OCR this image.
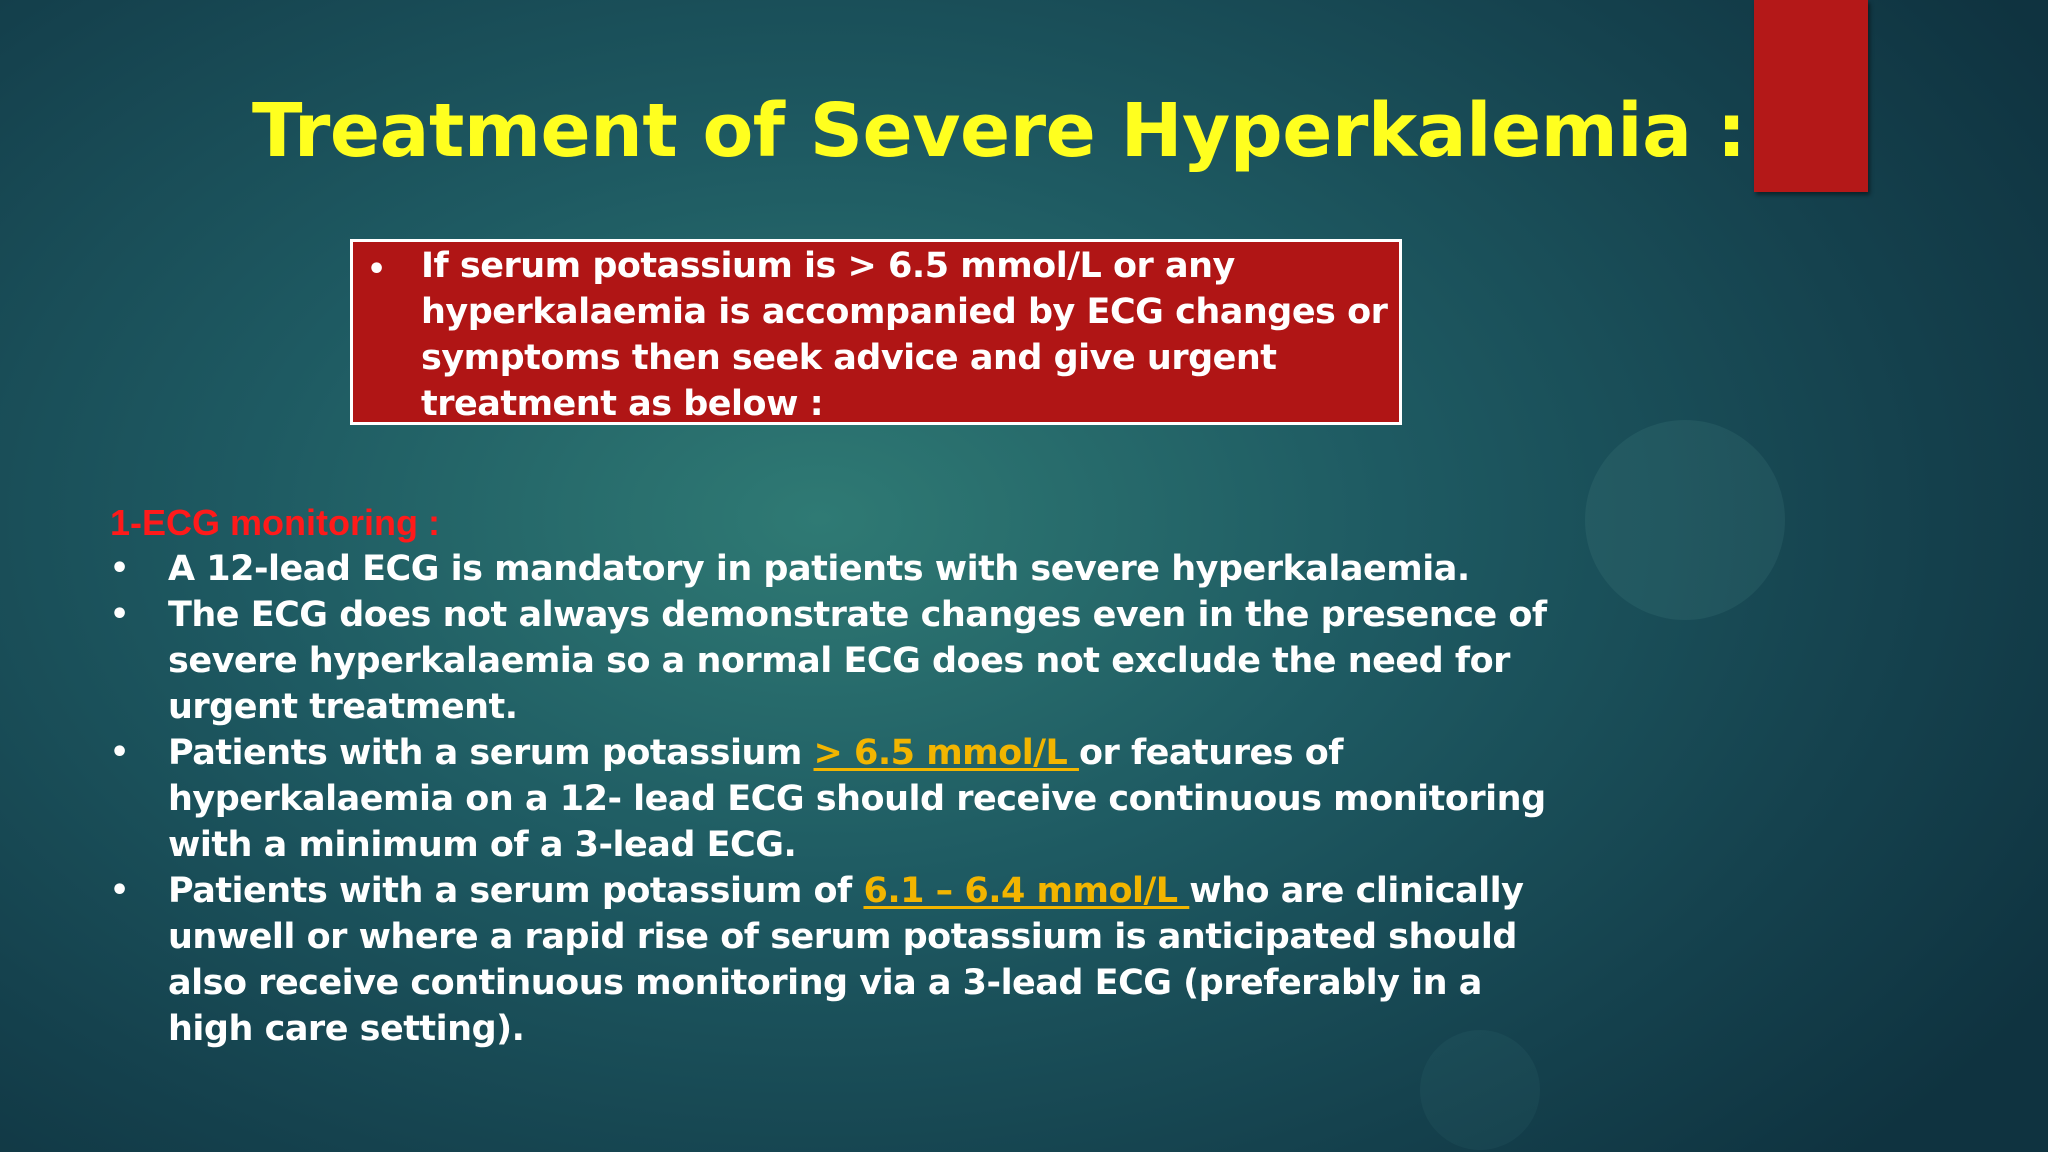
Treatment of Severe Hyperkalemia :
• If serum potassium is > 6.5 mmol/L or any hyperkalaemia is accompanied by ECG changes or symptoms then seek advice and give urgent treatment as below :

1-ECG monitoring :
• A 12-lead ECG is mandatory in patients with severe hyperkalaemia.
• The ECG does not always demonstrate changes even in the presence of severe hyperkalaemia so a normal ECG does not exclude the need for urgent treatment.
• Patients with a serum potassium > 6.5 mmol/L or features of hyperkalaemia on a 12- lead ECG should receive continuous monitoring with a minimum of a 3-lead ECG.
• Patients with a serum potassium of 6.1 – 6.4 mmol/L who are clinically unwell or where a rapid rise of serum potassium is anticipated should also receive continuous monitoring via a 3-lead ECG (preferably in a high care setting).
